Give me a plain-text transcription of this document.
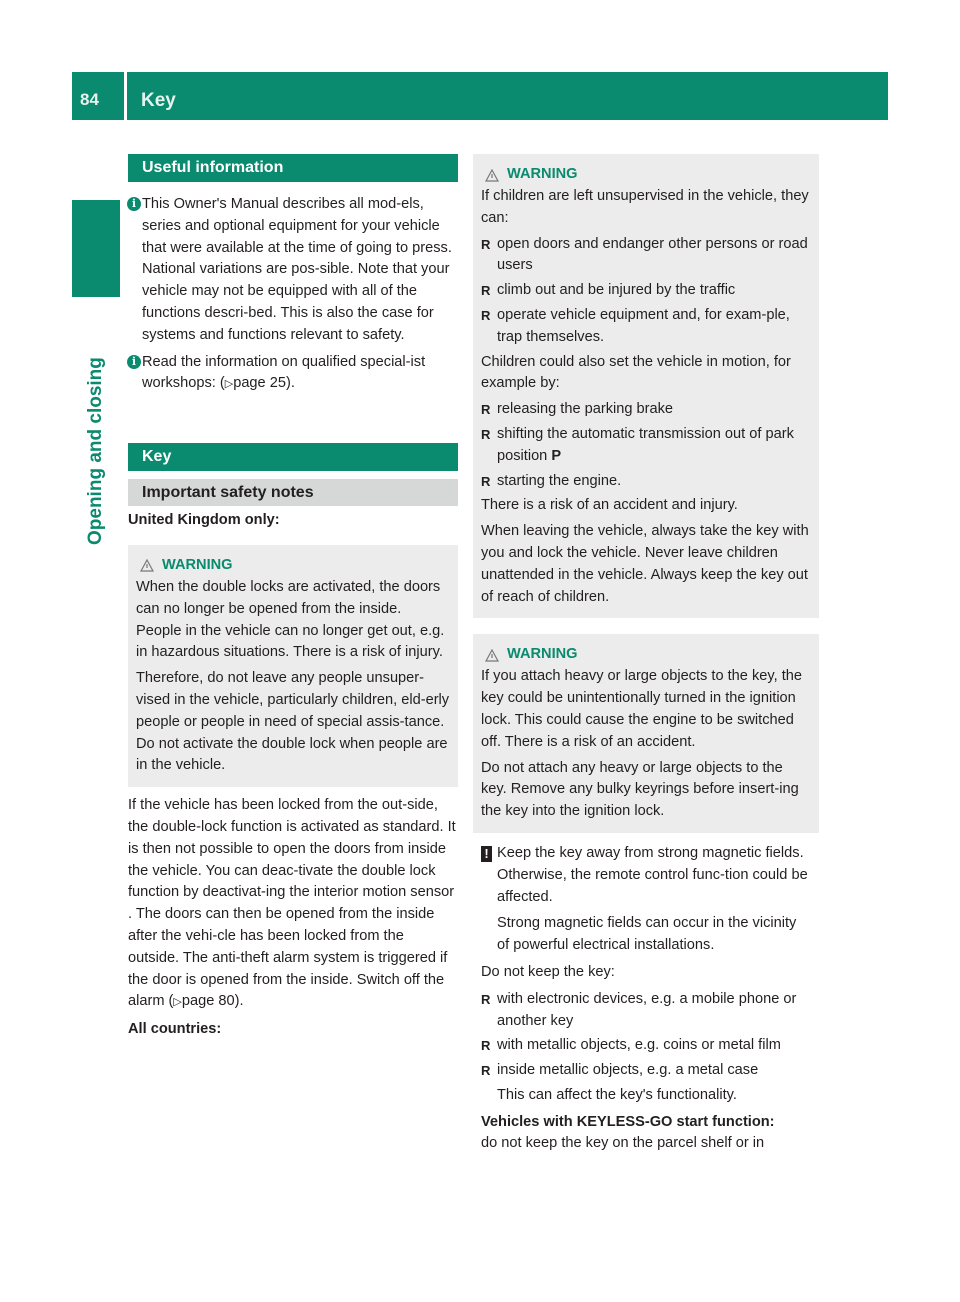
84 Key
Opening and closing
Useful information

i This Owner's Manual describes all mod-els, series and optional equipment for your vehicle that were available at the time of going to press. National variations are pos-sible. Note that your vehicle may not be equipped with all of the functions descri-bed. This is also the case for systems and functions relevant to safety.

i Read the information on qualified special-ist workshops: (▷page 25).

Key
Important safety notes

United Kingdom only:

WARNING

When the double locks are activated, the doors can no longer be opened from the inside. People in the vehicle can no longer get out, e.g. in hazardous situations. There is a risk of injury.

Therefore, do not leave any people unsuper-vised in the vehicle, particularly children, eld-erly people or people in need of special assis-tance. Do not activate the double lock when people are in the vehicle.

If the vehicle has been locked from the out-side, the double-lock function is activated as standard. It is then not possible to open the doors from inside the vehicle. You can deac-tivate the double lock function by deactivat-ing the interior motion sensor . The doors can then be opened from the inside after the vehi-cle has been locked from the outside. The anti-theft alarm system is triggered if the door is opened from the inside. Switch off the alarm (▷page 80).

All countries:

WARNING

If children are left unsupervised in the vehicle, they can:

R open doors and endanger other persons or road users
R climb out and be injured by the traffic
R operate vehicle equipment and, for exam-ple, trap themselves.

Children could also set the vehicle in motion, for example by:

R releasing the parking brake
R shifting the automatic transmission out of park position P
R starting the engine.

There is a risk of an accident and injury.

When leaving the vehicle, always take the key with you and lock the vehicle. Never leave children unattended in the vehicle. Always keep the key out of reach of children.

WARNING

If you attach heavy or large objects to the key, the key could be unintentionally turned in the ignition lock. This could cause the engine to be switched off. There is a risk of an accident.

Do not attach any heavy or large objects to the key. Remove any bulky keyrings before insert-ing the key into the ignition lock.

! Keep the key away from strong magnetic fields. Otherwise, the remote control func-tion could be affected.

Strong magnetic fields can occur in the vicinity of powerful electrical installations.

Do not keep the key:

R with electronic devices, e.g. a mobile phone or another key
R with metallic objects, e.g. coins or metal film
R inside metallic objects, e.g. a metal case

This can affect the key's functionality.

Vehicles with KEYLESS-GO start function:

do not keep the key on the parcel shelf or in
